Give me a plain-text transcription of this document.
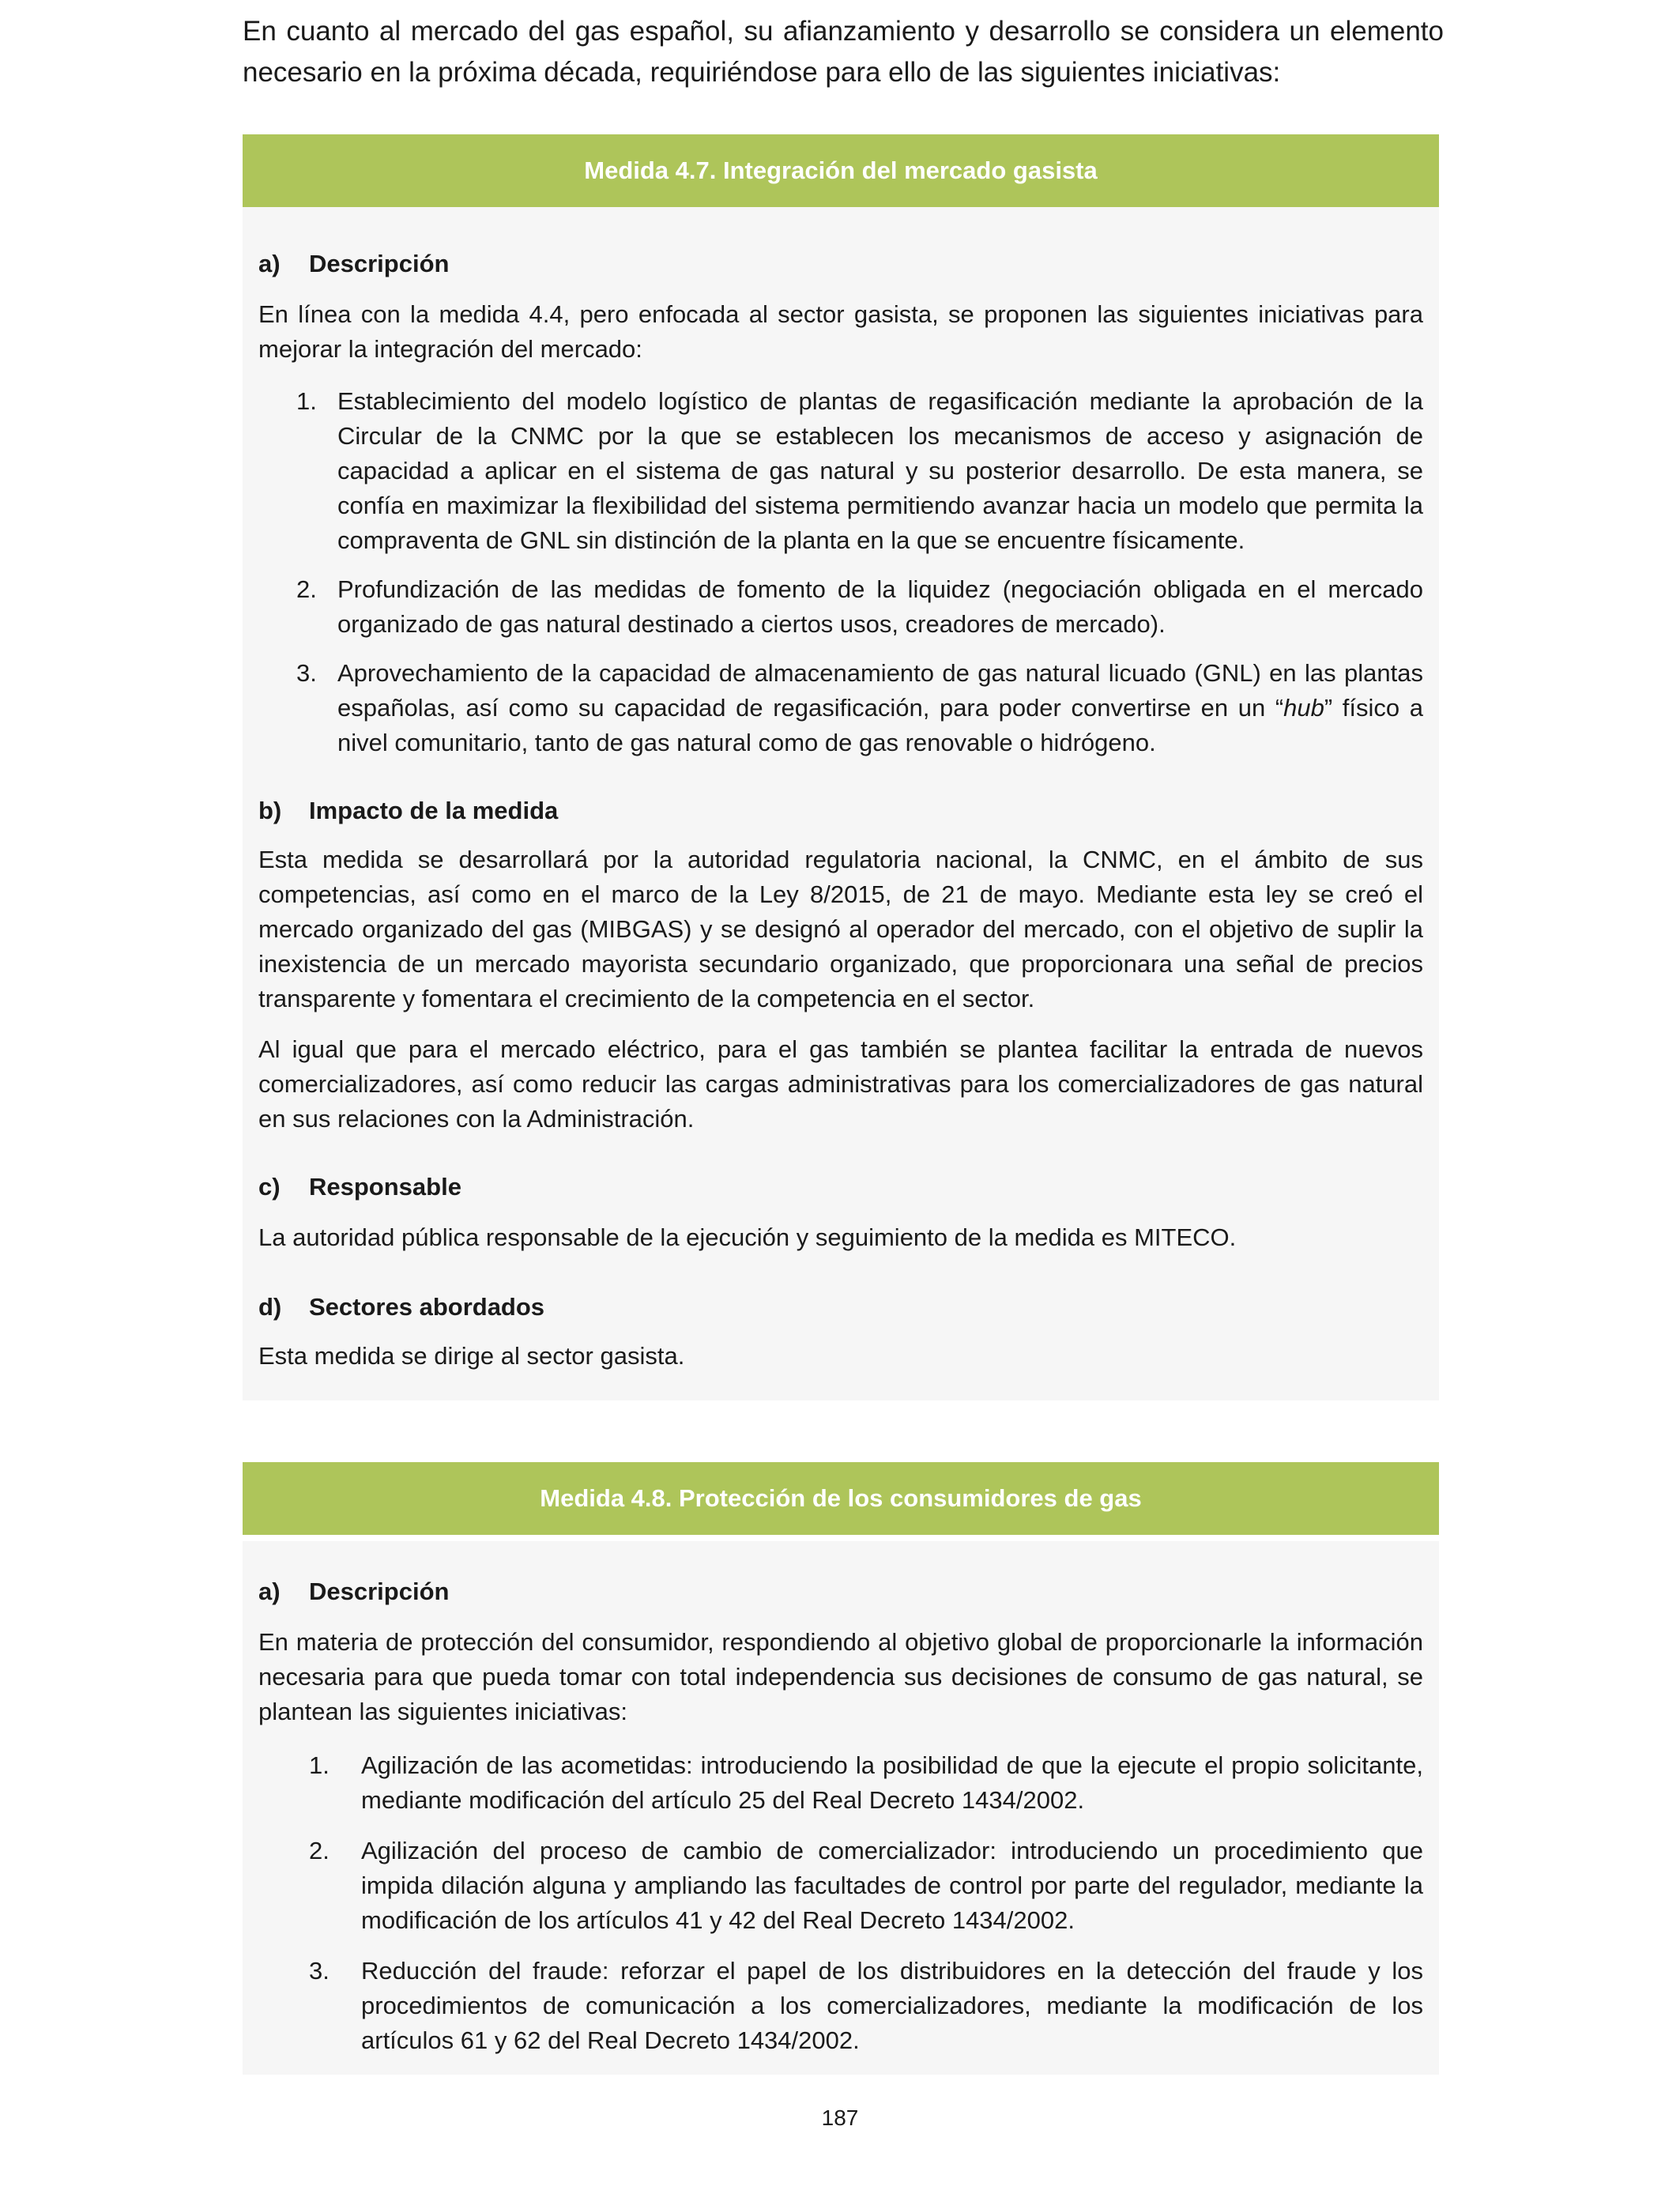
En cuanto al mercado del gas español, su afianzamiento y desarrollo se considera un elemento necesario en la próxima década, requiriéndose para ello de las siguientes iniciativas:

Medida 4.7. Integración del mercado gasista

a) Descripción

En línea con la medida 4.4, pero enfocada al sector gasista, se proponen las siguientes iniciativas para mejorar la integración del mercado:

1. Establecimiento del modelo logístico de plantas de regasificación mediante la aprobación de la Circular de la CNMC por la que se establecen los mecanismos de acceso y asignación de capacidad a aplicar en el sistema de gas natural y su posterior desarrollo. De esta manera, se confía en maximizar la flexibilidad del sistema permitiendo avanzar hacia un modelo que permita la compraventa de GNL sin distinción de la planta en la que se encuentre físicamente.
2. Profundización de las medidas de fomento de la liquidez (negociación obligada en el mercado organizado de gas natural destinado a ciertos usos, creadores de mercado).
3. Aprovechamiento de la capacidad de almacenamiento de gas natural licuado (GNL) en las plantas españolas, así como su capacidad de regasificación, para poder convertirse en un “hub” físico a nivel comunitario, tanto de gas natural como de gas renovable o hidrógeno.

b) Impacto de la medida

Esta medida se desarrollará por la autoridad regulatoria nacional, la CNMC, en el ámbito de sus competencias, así como en el marco de la Ley 8/2015, de 21 de mayo. Mediante esta ley se creó el mercado organizado del gas (MIBGAS) y se designó al operador del mercado, con el objetivo de suplir la inexistencia de un mercado mayorista secundario organizado, que proporcionara una señal de precios transparente y fomentara el crecimiento de la competencia en el sector.

Al igual que para el mercado eléctrico, para el gas también se plantea facilitar la entrada de nuevos comercializadores, así como reducir las cargas administrativas para los comercializadores de gas natural en sus relaciones con la Administración.

c) Responsable

La autoridad pública responsable de la ejecución y seguimiento de la medida es MITECO.

d) Sectores abordados

Esta medida se dirige al sector gasista.

Medida 4.8. Protección de los consumidores de gas

a) Descripción

En materia de protección del consumidor, respondiendo al objetivo global de proporcionarle la información necesaria para que pueda tomar con total independencia sus decisiones de consumo de gas natural, se plantean las siguientes iniciativas:

1. Agilización de las acometidas: introduciendo la posibilidad de que la ejecute el propio solicitante, mediante modificación del artículo 25 del Real Decreto 1434/2002.
2. Agilización del proceso de cambio de comercializador: introduciendo un procedimiento que impida dilación alguna y ampliando las facultades de control por parte del regulador, mediante la modificación de los artículos 41 y 42 del Real Decreto 1434/2002.
3. Reducción del fraude: reforzar el papel de los distribuidores en la detección del fraude y los procedimientos de comunicación a los comercializadores, mediante la modificación de los artículos 61 y 62 del Real Decreto 1434/2002.
187
